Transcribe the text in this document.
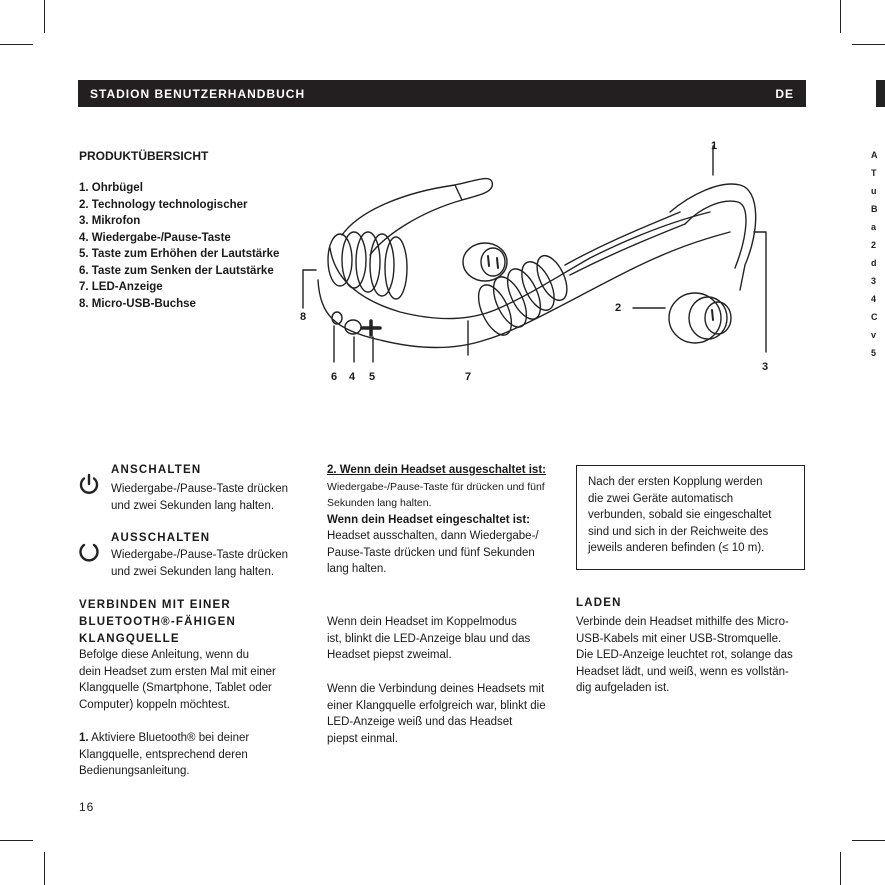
STADION BENUTZERHANDBUCH	DE
PRODUKTÜBERSICHT
1. Ohrbügel
2. Technology technologischer
3. Mikrofon
4. Wiedergabe-/Pause-Taste
5. Taste zum Erhöhen der Lautstärke
6. Taste zum Senken der Lautstärke
7. LED-Anzeige
8. Micro-USB-Buchse
1
2
3
4 5
6	7
8
ANSCHALTEN
Wiedergabe-/Pause-Taste drücken
und zwei Sekunden lang halten.
AUSSCHALTEN
Wiedergabe-/Pause-Taste drücken
und zwei Sekunden lang halten.
VERBINDEN MIT EINER
BLUETOOTH®-FÄHIGEN
KLANGQUELLE
Befolge diese Anleitung, wenn du
dein Headset zum ersten Mal mit einer
Klangquelle (Smartphone, Tablet oder
Computer) koppeln möchtest.
1. Aktiviere Bluetooth® bei deiner
Klangquelle, entsprechend deren
Bedienungsanleitung.
2. Wenn dein Headset ausgeschaltet ist:
Wiedergabe-/Pause-Taste für drücken und fünf
Sekunden lang halten.
Wenn dein Headset eingeschaltet ist:
Headset ausschalten, dann Wiedergabe-/
Pause-Taste drücken und fünf Sekunden
lang halten.
Wenn dein Headset im Koppelmodus
ist, blinkt die LED-Anzeige blau und das
Headset piepst zweimal.
Wenn die Verbindung deines Headsets mit
einer Klangquelle erfolgreich war, blinkt die
LED-Anzeige weiß und das Headset
piepst einmal.
Nach der ersten Kopplung werden
die zwei Geräte automatisch
verbunden, sobald sie eingeschaltet
sind und sich in der Reichweite des
jeweils anderen befinden (≤ 10 m).
LADEN
Verbinde dein Headset mithilfe des Micro-
USB-Kabels mit einer USB-Stromquelle.
Die LED-Anzeige leuchtet rot, solange das
Headset lädt, und weiß, wenn es vollstän-
dig aufgeladen ist.
16
A
T
u
B
a
2
d
3
4
C
v
5
